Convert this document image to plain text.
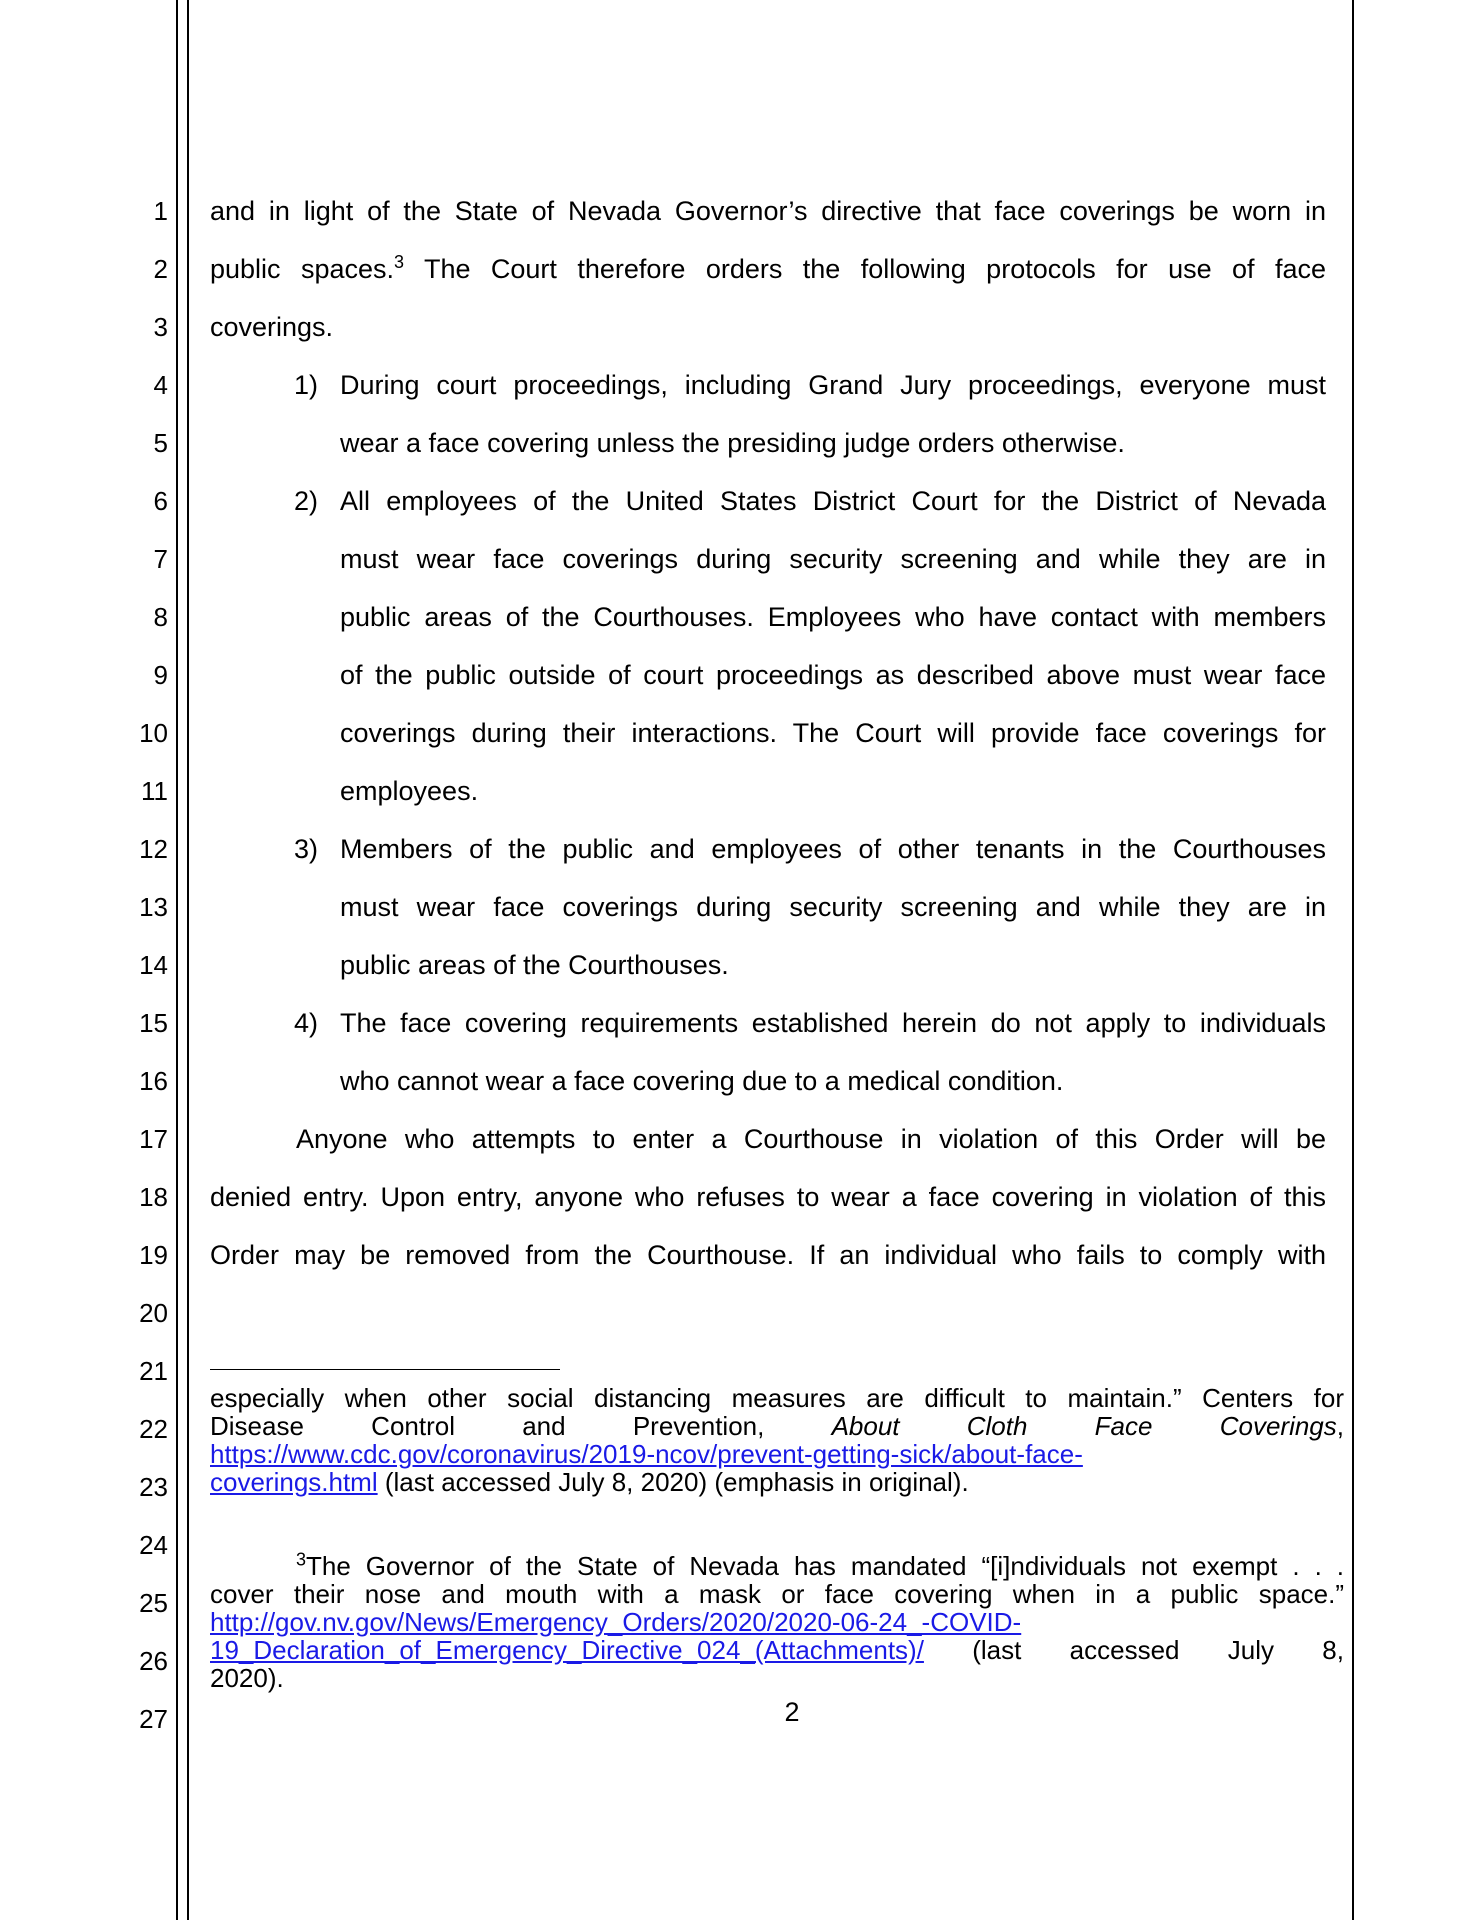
1
2
3
4
5
6
7
8
9
10
11
12
13
14
15
16
17
18
19
20
21
22
23
24
25
26
27
and in light of the State of Nevada Governor’s directive that face coverings be worn in
public spaces.$^3$ The Court therefore orders the following protocols for use of face
coverings.
1) During court proceedings, including Grand Jury proceedings, everyone must
wear a face covering unless the presiding judge orders otherwise.
2) All employees of the United States District Court for the District of Nevada
must wear face coverings during security screening and while they are in
public areas of the Courthouses. Employees who have contact with members
of the public outside of court proceedings as described above must wear face
coverings during their interactions. The Court will provide face coverings for
employees.
3) Members of the public and employees of other tenants in the Courthouses
must wear face coverings during security screening and while they are in
public areas of the Courthouses.
4) The face covering requirements established herein do not apply to individuals
who cannot wear a face covering due to a medical condition.
Anyone who attempts to enter a Courthouse in violation of this Order will be
denied entry. Upon entry, anyone who refuses to wear a face covering in violation of this
Order may be removed from the Courthouse. If an individual who fails to comply with
especially when other social distancing measures are difficult to maintain.” Centers for
Disease Control and Prevention, About Cloth Face Coverings,
https://www.cdc.gov/coronavirus/2019-ncov/prevent-getting-sick/about-face-
coverings.html (last accessed July 8, 2020) (emphasis in original).
$^3$The Governor of the State of Nevada has mandated “[i]ndividuals not exempt . . .
cover their nose and mouth with a mask or face covering when in a public space.”
http://gov.nv.gov/News/Emergency_Orders/2020/2020-06-24_-COVID-
19_Declaration_of_Emergency_Directive_024_(Attachments)/ (last accessed July 8,
2020).
2
